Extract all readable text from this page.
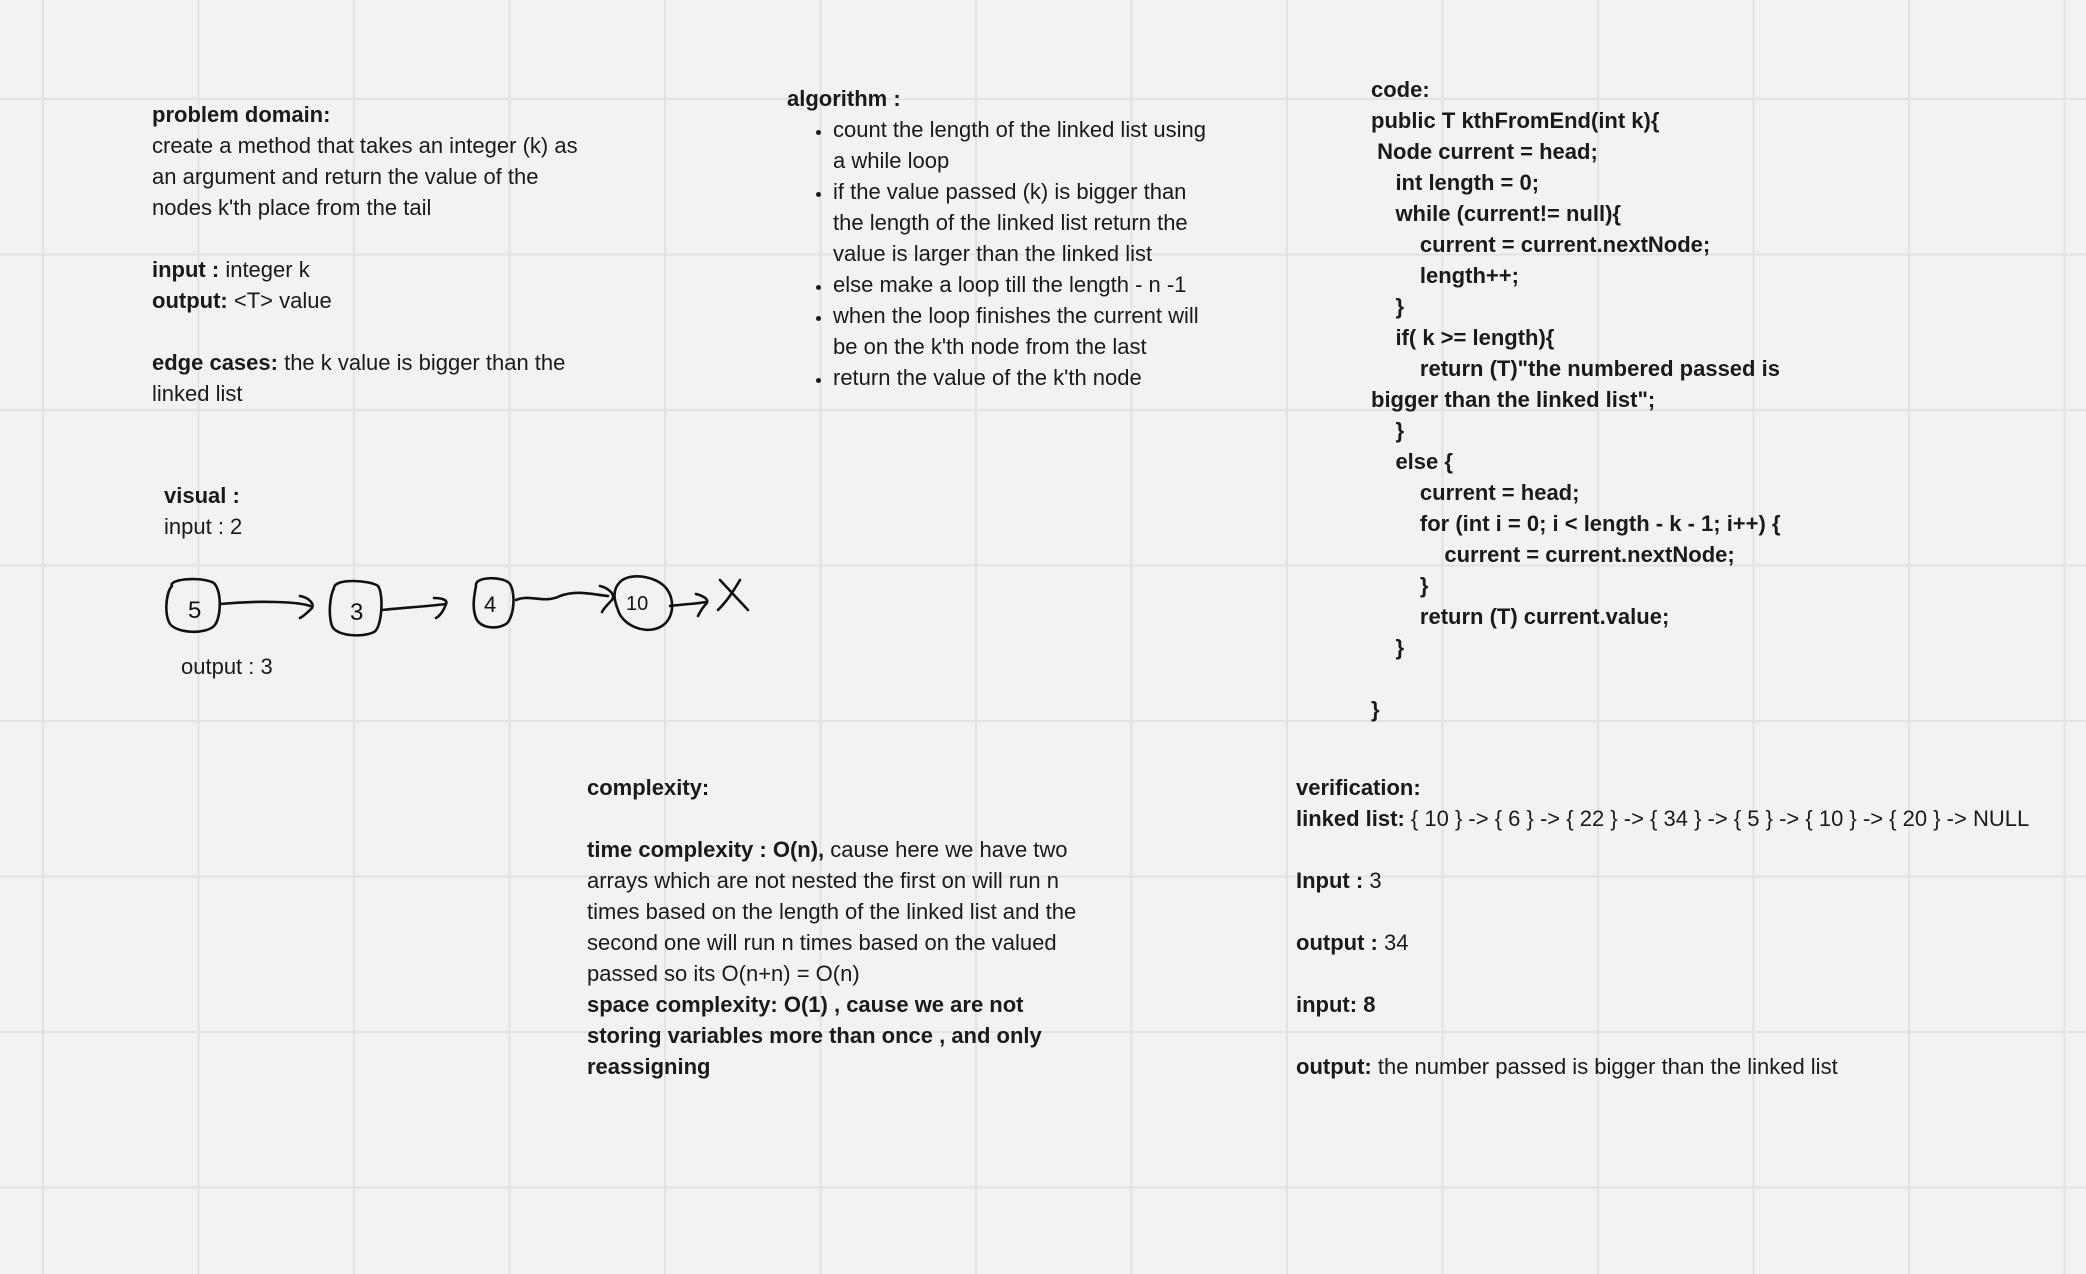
problem domain:
create a method that takes an integer (k) as
an argument and return the value of the
nodes k'th place from the tail
input : integer k
output: <T> value
edge cases: the k value is bigger than the
linked list
algorithm :
• count the length of the linked list using a while loop
• if the value passed (k) is bigger than the length of the linked list return the value is larger than the linked list
• else make a loop till the length - n -1
• when the loop finishes the current will be on the k'th node from the last
• return the value of the k'th node
code:
public T kthFromEnd(int k){
Node current = head;
int length = 0;
while (current!= null){
current = current.nextNode;
length++;
}
if( k >= length){
return (T)"the numbered passed is
bigger than the linked list";
}
else {
current = head;
for (int i = 0; i < length - k - 1; i++) {
current = current.nextNode;
}
return (T) current.value;
}
}
visual :
input : 2
5	3	4	10
output : 3
complexity:
time complexity : O(n), cause here we have two
arrays which are not nested the first on will run n
times based on the length of the linked list and the
second one will run n times based on the valued
passed so its O(n+n) = O(n)
space complexity: O(1) , cause we are not
storing variables more than once , and only
reassigning
verification:
linked list: { 10 } -> { 6 } -> { 22 } -> { 34 } -> { 5 } -> { 10 } -> { 20 } -> NULL
Input : 3
output : 34
input: 8
output: the number passed is bigger than the linked list
